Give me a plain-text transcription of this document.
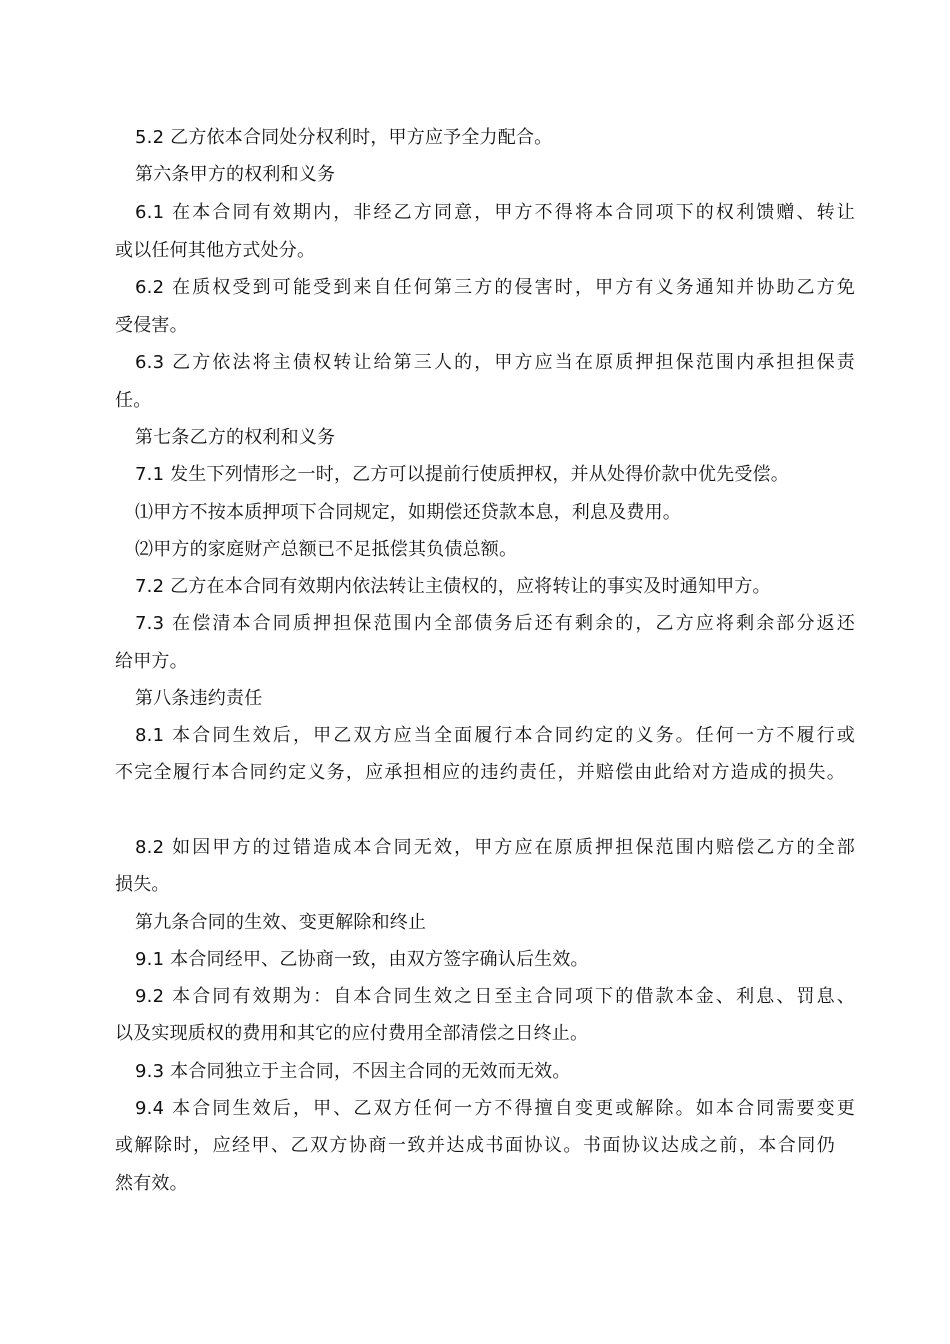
5.2 乙方依本合同处分权利时，甲方应予全力配合。
第六条甲方的权利和义务
6.1 在本合同有效期内，非经乙方同意，甲方不得将本合同项下的权利馈赠、转让
或以任何其他方式处分。
6.2 在质权受到可能受到来自任何第三方的侵害时，甲方有义务通知并协助乙方免
受侵害。
6.3 乙方依法将主债权转让给第三人的，甲方应当在原质押担保范围内承担担保责
任。
第七条乙方的权利和义务
7.1 发生下列情形之一时，乙方可以提前行使质押权，并从处得价款中优先受偿。
⑴甲方不按本质押项下合同规定，如期偿还贷款本息，利息及费用。
⑵甲方的家庭财产总额已不足抵偿其负债总额。
7.2 乙方在本合同有效期内依法转让主债权的，应将转让的事实及时通知甲方。
7.3 在偿清本合同质押担保范围内全部债务后还有剩余的，乙方应将剩余部分返还
给甲方。
第八条违约责任
8.1 本合同生效后，甲乙双方应当全面履行本合同约定的义务。任何一方不履行或
不完全履行本合同约定义务，应承担相应的违约责任，并赔偿由此给对方造成的损失。
8.2 如因甲方的过错造成本合同无效，甲方应在原质押担保范围内赔偿乙方的全部
损失。
第九条合同的生效、变更解除和终止
9.1 本合同经甲、乙协商一致，由双方签字确认后生效。
9.2 本合同有效期为：自本合同生效之日至主合同项下的借款本金、利息、罚息、
以及实现质权的费用和其它的应付费用全部清偿之日终止。
9.3 本合同独立于主合同，不因主合同的无效而无效。
9.4 本合同生效后，甲、乙双方任何一方不得擅自变更或解除。如本合同需要变更
或解除时，应经甲、乙双方协商一致并达成书面协议。书面协议达成之前，本合同仍
然有效。
